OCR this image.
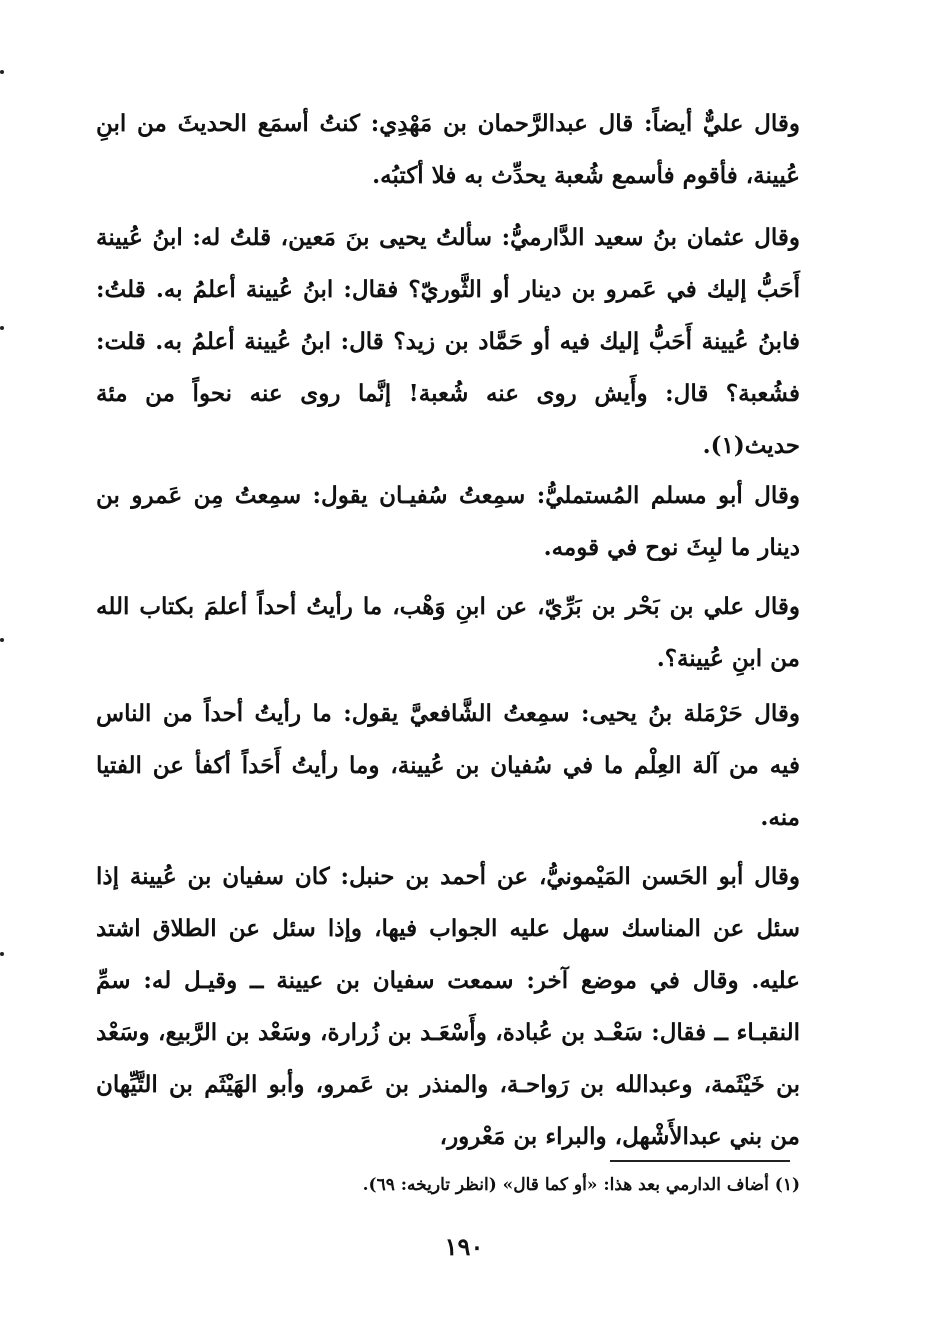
وقال عليٌّ أيضاً: قال عبدالرَّحمان بن مَهْدِي: كنتُ أسمَع الحديثَ من ابنِ عُيينة، فأقوم فأسمع شُعبة يحدِّث به فلا أكتبُه.

وقال عثمان بنُ سعيد الدَّارميُّ: سألتُ يحيى بنَ مَعين، قلتُ له: ابنُ عُيينة أَحَبُّ إليك في عَمرو بن دينار أو الثَّوريّ؟ فقال: ابنُ عُيينة أعلمُ به. قلتُ: فابنُ عُيينة أَحَبُّ إليك فيه أو حَمَّاد بن زيد؟ قال: ابنُ عُيينة أعلمُ به. قلت: فشُعبة؟ قال: وأَيش روى عنه شُعبة! إنَّما روى عنه نحواً من مئة حديث(١).

وقال أبو مسلم المُستمليُّ: سمِعتُ سُفيـان يقول: سمِعتُ مِن عَمرو بن دينار ما لبِثَ نوح في قومه.

وقال علي بن بَحْر بن بَرِّيّ، عن ابنِ وَهْب، ما رأيتُ أحداً أعلمَ بكتاب الله من ابنِ عُيينة؟.

وقال حَرْمَلة بنُ يحيى: سمِعتُ الشَّافعيَّ يقول: ما رأيتُ أحداً من الناس فيه من آلة العِلْم ما في سُفيان بن عُيينة، وما رأيتُ أَحَداً أكفأ عن الفتيا منه.

وقال أبو الحَسن المَيْمونيُّ، عن أحمد بن حنبل: كان سفيان بن عُيينة إذا سئل عن المناسك سهل عليه الجواب فيها، وإذا سئل عن الطلاق اشتد عليه. وقال في موضع آخر: سمعت سفيان بن عيينة ــ وقيـل له: سمِّ النقبـاء ــ فقال: سَعْـد بن عُبادة، وأَسْعَـد بن زُرارة، وسَعْد بن الرَّبيع، وسَعْد بن خَيْثَمة، وعبدالله بن رَواحـة، والمنذر بن عَمرو، وأبو الهَيْثَم بن التَّيِّهان من بني عبدالأَشْهل، والبراء بن مَعْرور،

(١) أضاف الدارمي بعد هذا: «أو كما قال» (انظر تاريخه: ٦٩).

١٩٠
